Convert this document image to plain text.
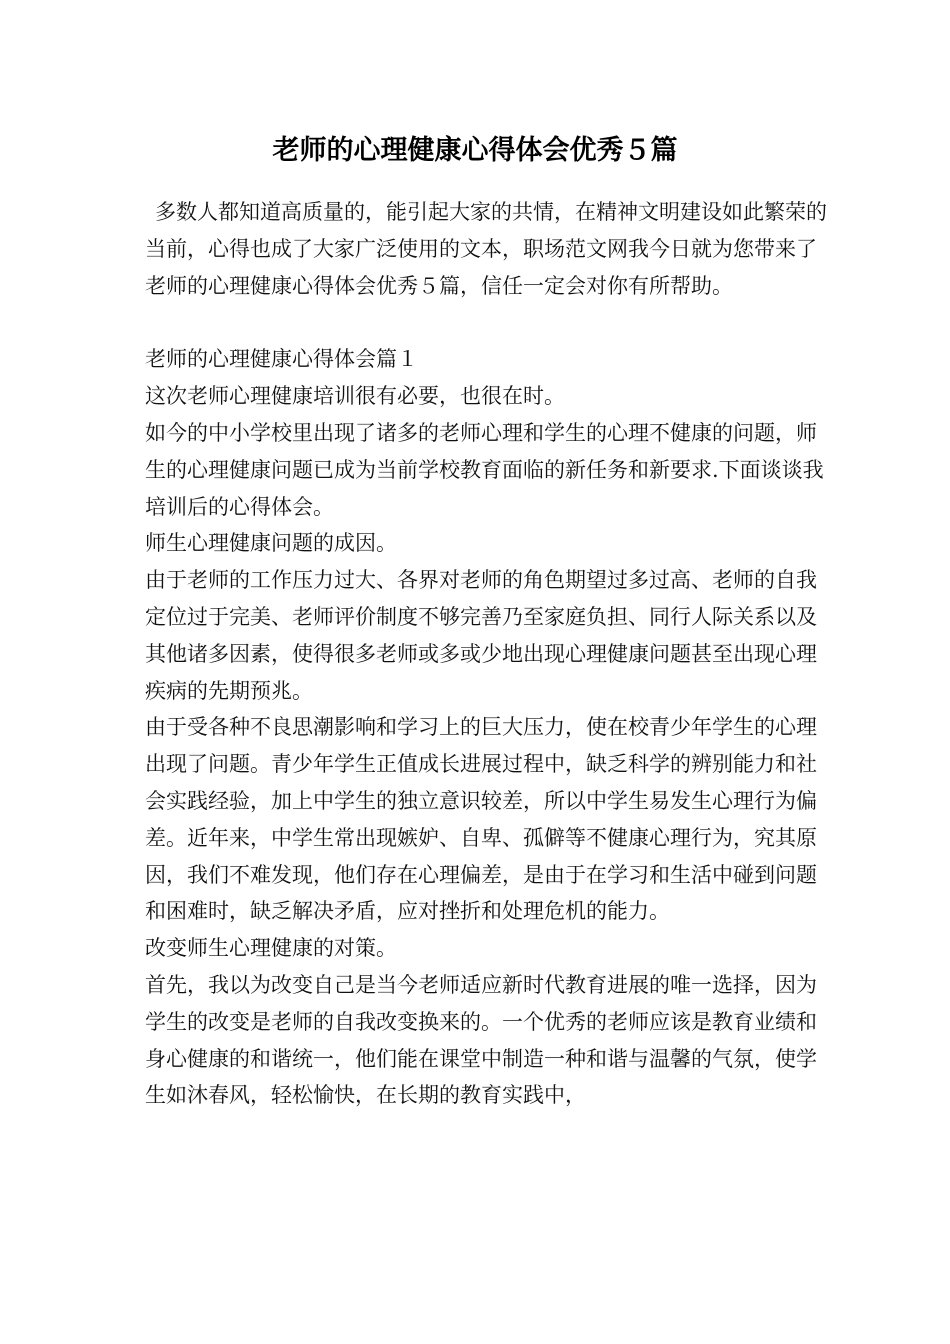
老师的心理健康心得体会优秀５篇

多数人都知道高质量的，能引起大家的共情，在精神文明建设如此繁荣的当前，心得也成了大家广泛使用的文本，职场范文网我今日就为您带来了老师的心理健康心得体会优秀５篇，信任一定会对你有所帮助。

老师的心理健康心得体会篇１

这次老师心理健康培训很有必要，也很在时。

如今的中小学校里出现了诸多的老师心理和学生的心理不健康的问题，师生的心理健康问题已成为当前学校教育面临的新任务和新要求.下面谈谈我培训后的心得体会。

师生心理健康问题的成因。

由于老师的工作压力过大、各界对老师的角色期望过多过高、老师的自我定位过于完美、老师评价制度不够完善乃至家庭负担、同行人际关系以及其他诸多因素，使得很多老师或多或少地出现心理健康问题甚至出现心理疾病的先期预兆。

由于受各种不良思潮影响和学习上的巨大压力，使在校青少年学生的心理出现了问题。青少年学生正值成长进展过程中，缺乏科学的辨别能力和社会实践经验，加上中学生的独立意识较差，所以中学生易发生心理行为偏差。近年来，中学生常出现嫉妒、自卑、孤僻等不健康心理行为，究其原因，我们不难发现，他们存在心理偏差，是由于在学习和生活中碰到问题和困难时，缺乏解决矛盾，应对挫折和处理危机的能力。

改变师生心理健康的对策。

首先，我以为改变自己是当今老师适应新时代教育进展的唯一选择，因为学生的改变是老师的自我改变换来的。一个优秀的老师应该是教育业绩和身心健康的和谐统一，他们能在课堂中制造一种和谐与温馨的气氛，使学生如沐春风，轻松愉快，在长期的教育实践中，
